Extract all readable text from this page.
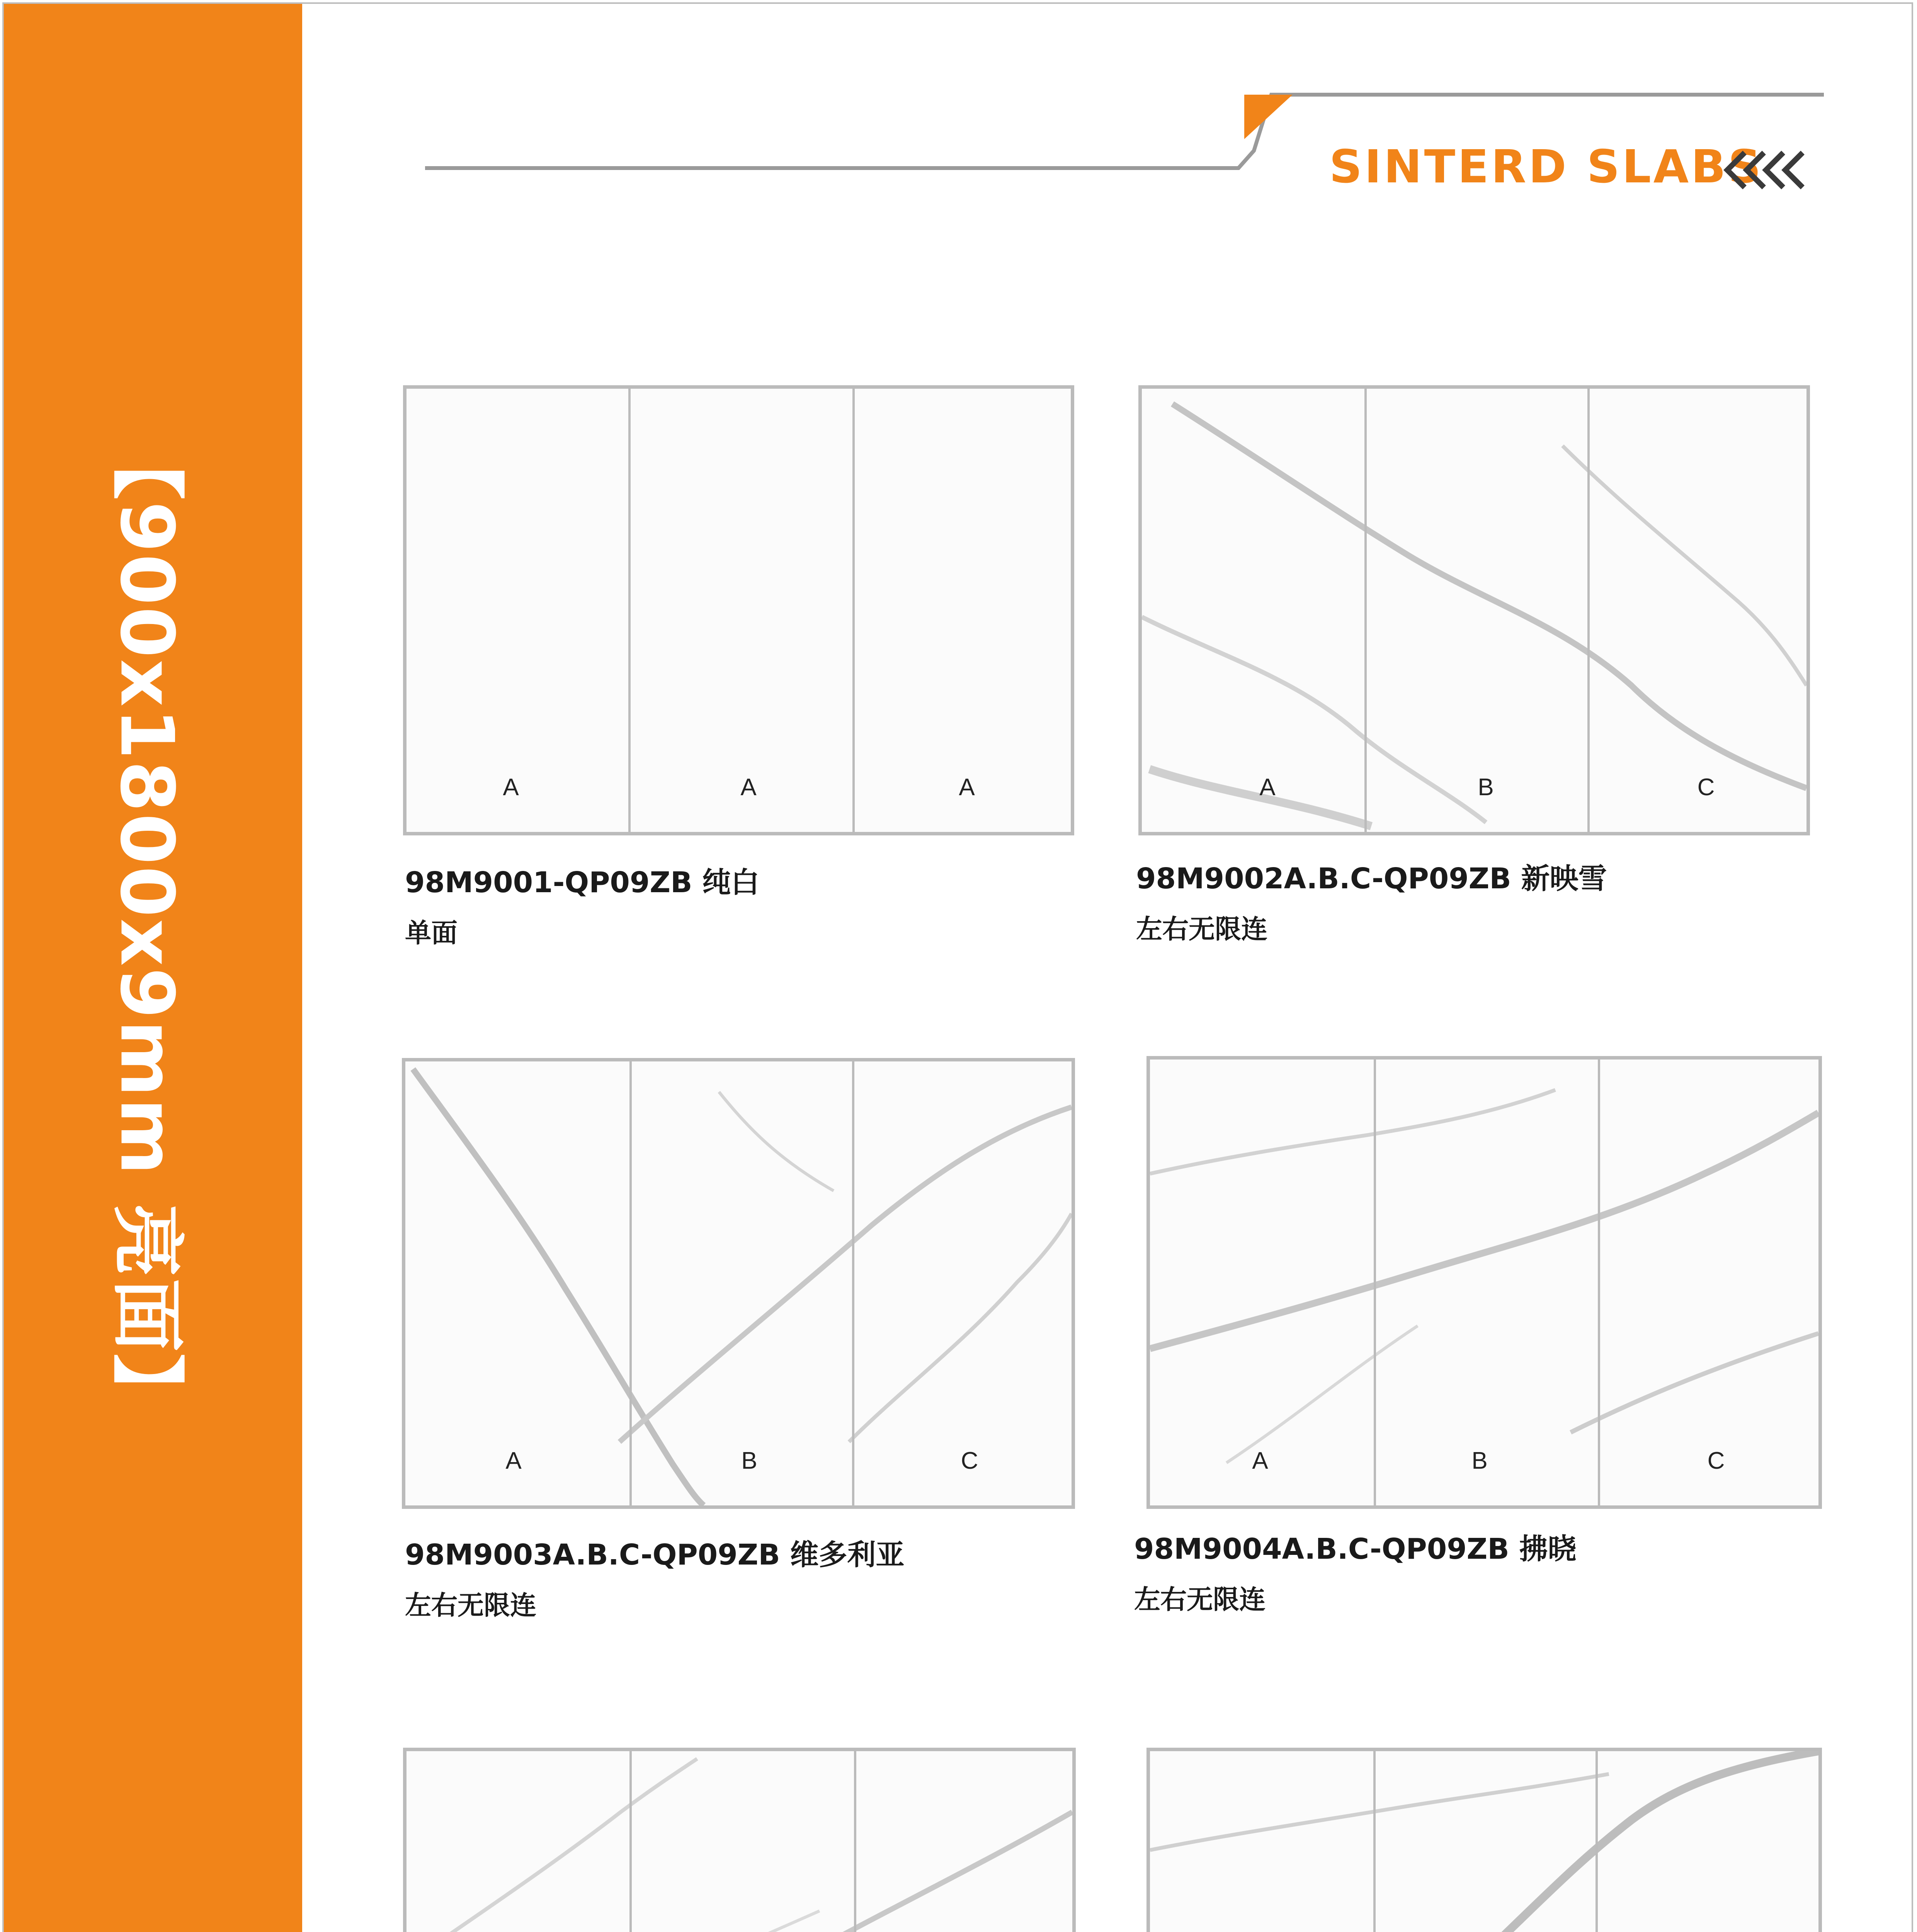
【900x1800x9mm 亮面】
SINTERD SLABS
A	A	A
98M9001-QP09ZB 纯白
单面
A	B	C
98M9002A.B.C-QP09ZB 新映雪
左右无限连
A	B	C
98M9003A.B.C-QP09ZB 维多利亚
左右无限连
A	B	C
98M9004A.B.C-QP09ZB 拂晓
左右无限连
